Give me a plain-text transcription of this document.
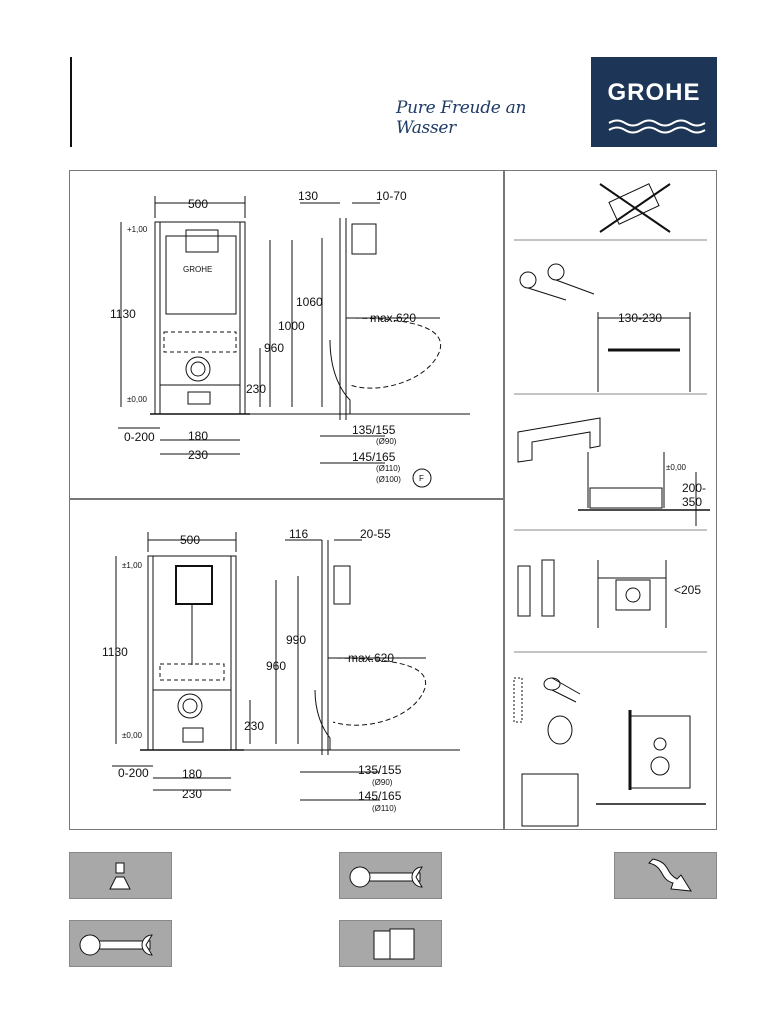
Pure Freude an Wasser
GROHE
500
130	10-70
+1,00
±0,00
1130
1060
1000
960
230
max.620
0-200	180
230
135/155
(Ø90)
145/165
(Ø110)
(Ø100) F
GROHE
500	116	20-55
±1,00
±0,00
1130
990
960
230
max.620
0-200	180
230
135/155
(Ø90)
145/165
(Ø110)
130-230
±0,00
200-
350
<205
